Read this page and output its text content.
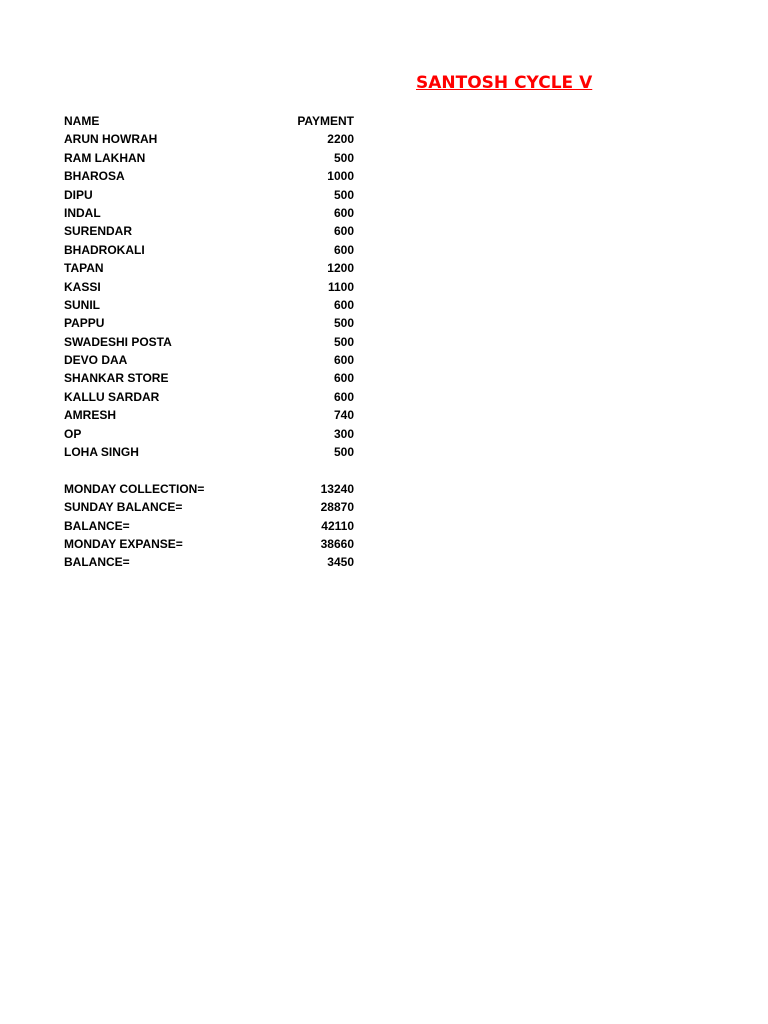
SANTOSH CYCLE V
NAME	PAYMENT
ARUN HOWRAH	2200
RAM LAKHAN	500
BHAROSA	1000
DIPU	500
INDAL	600
SURENDAR	600
BHADROKALI	600
TAPAN	1200
KASSI	1100
SUNIL	600
PAPPU	500
SWADESHI POSTA	500
DEVO DAA	600
SHANKAR STORE	600
KALLU SARDAR	600
AMRESH	740
OP	300
LOHA SINGH	500
MONDAY COLLECTION=	13240
SUNDAY BALANCE=	28870
BALANCE=	42110
MONDAY EXPANSE=	38660
BALANCE=	3450
